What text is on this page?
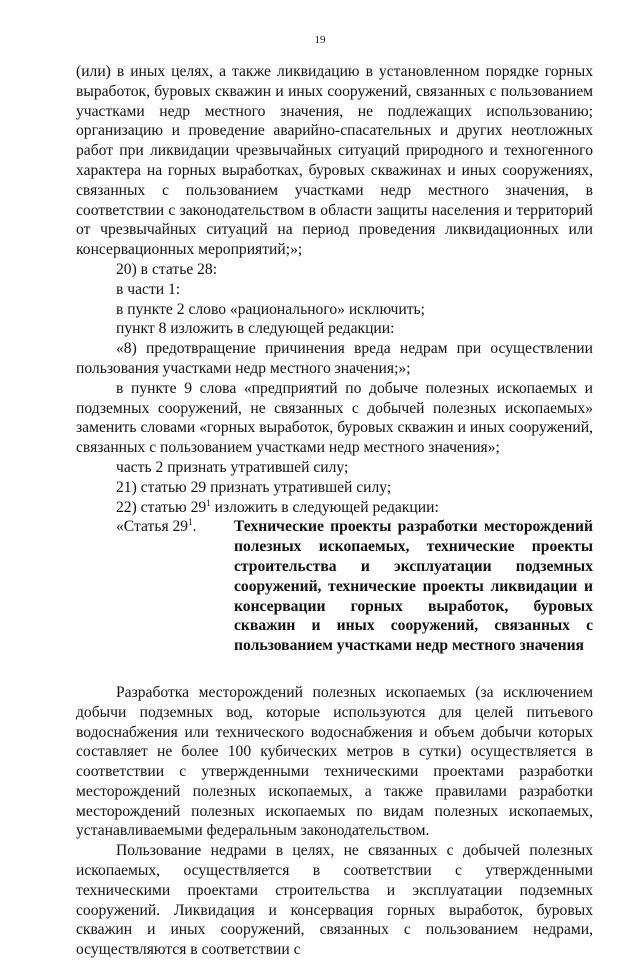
19

(или) в иных целях, а также ликвидацию в установленном порядке горных выработок, буровых скважин и иных сооружений, связанных с пользованием участками недр местного значения, не подлежащих использованию; организацию и проведение аварийно-спасательных и других неотложных работ при ликвидации чрезвычайных ситуаций природного и техногенного характера на горных выработках, буровых скважинах и иных сооружениях, связанных с пользованием участками недр местного значения, в соответствии с законодательством в области защиты населения и территорий от чрезвычайных ситуаций на период проведения ликвидационных или консервационных мероприятий;»;

20) в статье 28:

в части 1:

в пункте 2 слово «рационального» исключить;

пункт 8 изложить в следующей редакции:

«8) предотвращение причинения вреда недрам при осуществлении пользования участками недр местного значения;»;

в пункте 9 слова «предприятий по добыче полезных ископаемых и подземных сооружений, не связанных с добычей полезных ископаемых» заменить словами «горных выработок, буровых скважин и иных сооружений, связанных с пользованием участками недр местного значения»;

часть 2 признать утратившей силу;

21) статью 29 признать утратившей силу;

22) статью $29^1$ изложить в следующей редакции:

«Статья $29^1$.	Технические проекты разработки месторождений полезных ископаемых, технические проекты строительства и эксплуатации подземных сооружений, технические проекты ликвидации и консервации горных выработок, буровых скважин и иных сооружений, связанных с пользованием участками недр местного значения

Разработка месторождений полезных ископаемых (за исключением добычи подземных вод, которые используются для целей питьевого водоснабжения или технического водоснабжения и объем добычи которых составляет не более 100 кубических метров в сутки) осуществляется в соответствии с утвержденными техническими проектами разработки месторождений полезных ископаемых, а также правилами разработки месторождений полезных ископаемых по видам полезных ископаемых, устанавливаемыми федеральным законодательством.

Пользование недрами в целях, не связанных с добычей полезных ископаемых, осуществляется в соответствии с утвержденными техническими проектами строительства и эксплуатации подземных сооружений. Ликвидация и консервация горных выработок, буровых скважин и иных сооружений, связанных с пользованием недрами, осуществляются в соответствии с
